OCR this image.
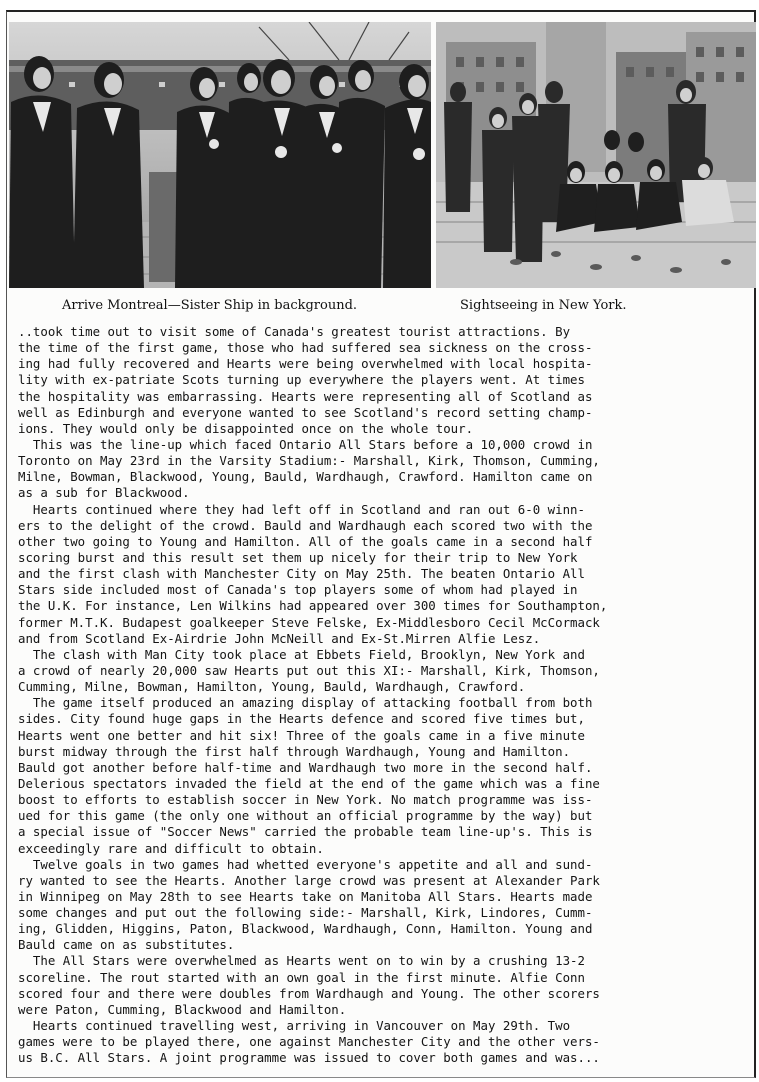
Arrive Montreal—Sister Ship in background.	Sightseeing in New York.
..took time out to visit some of Canada's greatest tourist attractions. By
the time of the first game, those who had suffered sea sickness on the cross-
ing had fully recovered and Hearts were being overwhelmed with local hospita-
lity with ex-patriate Scots turning up everywhere the players went. At times
the hospitality was embarrassing. Hearts were representing all of Scotland as
well as Edinburgh and everyone wanted to see Scotland's record setting champ-
ions. They would only be disappointed once on the whole tour.
This was the line-up which faced Ontario All Stars before a 10,000 crowd in
Toronto on May 23rd in the Varsity Stadium:- Marshall, Kirk, Thomson, Cumming,
Milne, Bowman, Blackwood, Young, Bauld, Wardhaugh, Crawford. Hamilton came on
as a sub for Blackwood.
Hearts continued where they had left off in Scotland and ran out 6-0 winn-
ers to the delight of the crowd. Bauld and Wardhaugh each scored two with the
other two going to Young and Hamilton. All of the goals came in a second half
scoring burst and this result set them up nicely for their trip to New York
and the first clash with Manchester City on May 25th. The beaten Ontario All
Stars side included most of Canada's top players some of whom had played in
the U.K. For instance, Len Wilkins had appeared over 300 times for Southampton,
former M.T.K. Budapest goalkeeper Steve Felske, Ex-Middlesboro Cecil McCormack
and from Scotland Ex-Airdrie John McNeill and Ex-St.Mirren Alfie Lesz.
The clash with Man City took place at Ebbets Field, Brooklyn, New York and
a crowd of nearly 20,000 saw Hearts put out this XI:- Marshall, Kirk, Thomson,
Cumming, Milne, Bowman, Hamilton, Young, Bauld, Wardhaugh, Crawford.
The game itself produced an amazing display of attacking football from both
sides. City found huge gaps in the Hearts defence and scored five times but,
Hearts went one better and hit six! Three of the goals came in a five minute
burst midway through the first half through Wardhaugh, Young and Hamilton.
Bauld got another before half-time and Wardhaugh two more in the second half.
Delerious spectators invaded the field at the end of the game which was a fine
boost to efforts to establish soccer in New York. No match programme was iss-
ued for this game (the only one without an official programme by the way) but
a special issue of "Soccer News" carried the probable team line-up's. This is
exceedingly rare and difficult to obtain.
Twelve goals in two games had whetted everyone's appetite and all and sund-
ry wanted to see the Hearts. Another large crowd was present at Alexander Park
in Winnipeg on May 28th to see Hearts take on Manitoba All Stars. Hearts made
some changes and put out the following side:- Marshall, Kirk, Lindores, Cumm-
ing, Glidden, Higgins, Paton, Blackwood, Wardhaugh, Conn, Hamilton. Young and
Bauld came on as substitutes.
The All Stars were overwhelmed as Hearts went on to win by a crushing 13-2
scoreline. The rout started with an own goal in the first minute. Alfie Conn
scored four and there were doubles from Wardhaugh and Young. The other scorers
were Paton, Cumming, Blackwood and Hamilton.
Hearts continued travelling west, arriving in Vancouver on May 29th. Two
games were to be played there, one against Manchester City and the other vers-
us B.C. All Stars. A joint programme was issued to cover both games and was...
